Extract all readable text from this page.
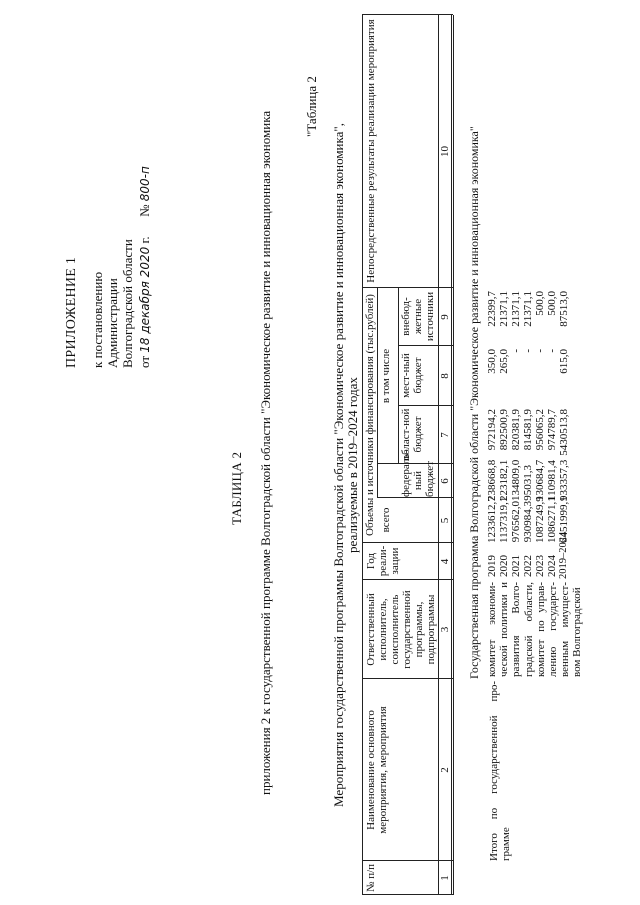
ПРИЛОЖЕНИЕ 1 к постановлению Администрации Волгоградской области от 18 декабря 2020 г.      № 800-п
ТАБЛИЦА 2 приложения 2 к государственной программе Волгоградской области "Экономическое развитие и инновационная экономика
"Таблица 2
Мероприятия государственной программы Волгоградской области "Экономическое развитие и инновационная экономика", реализуемые в 2019–2024 годах
№ п/п
Наименование основного мероприятия, мероприятия
Ответственный исполнитель, соисполнитель государственной программы, подпрограммы
Год реали-зации
Объемы и источники финансирования (тыс.рублей) всего
в том числе
федераль-ный бюджет
област-ной бюджет
мест-ный бюджет
внебюд-жетные источники
Непосредственные результаты реализации мероприятия
1
2
3
4
5
6
7
8
9
10 Государственная программа Волгоградской области "Экономическое развитие и инновационная экономика"
Итого по государственной про-грамме
комитет экономи-ческой политики и развития Волго-градской области, комитет по управ-лению государст-венным имущест-вом Волгоградской
2019
1233612,7
238668,8
972194,2
350,0
22399,7
2020
1137319,1
223182,1
892500,9
265,0
21371,1
2021
976562,0
134809,0
820381,9
-
21371,1
2022
930984,3
95031,3
814581,9
-
21371,1
2023
1087249,9
130684,7
956065,2
-
500,0
2024
1086271,1
110981,4
974789,7
-
500,0
2019–2024
6451999,1
933357,3
5430513,8
615,0
87513,0
